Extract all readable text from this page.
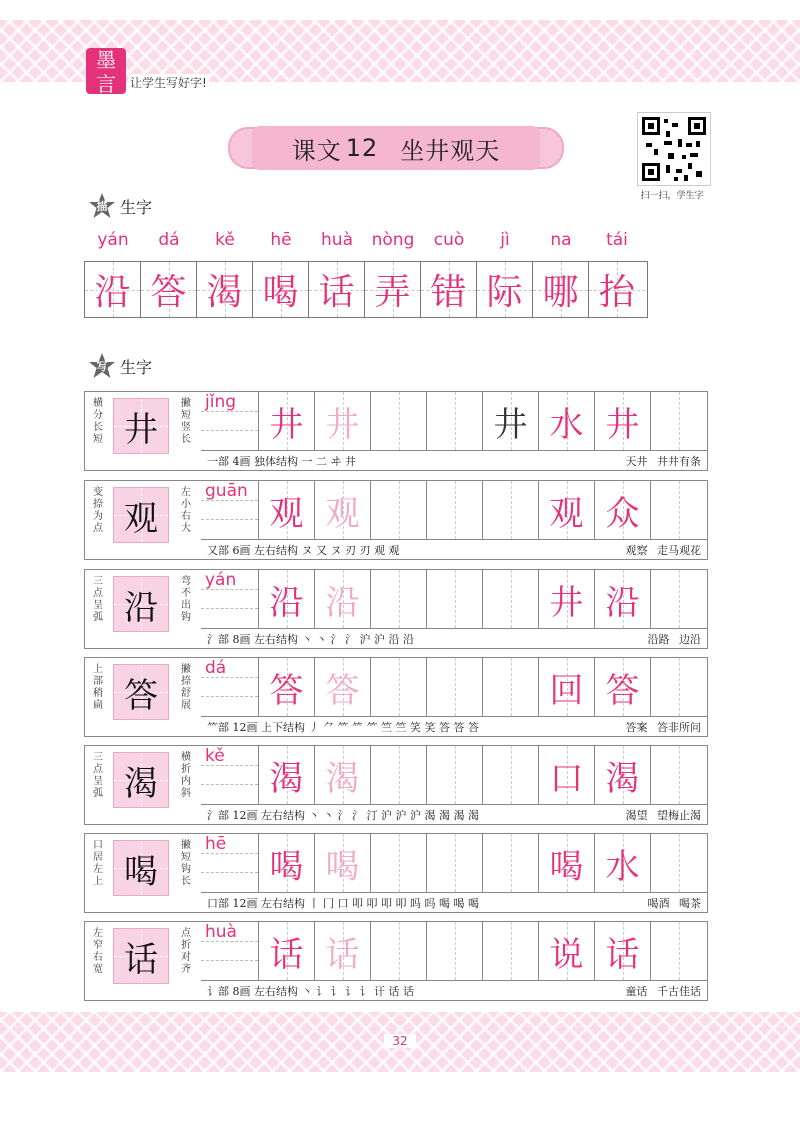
墨
言	让学生写好字!
课文 12 坐井观天
扫一扫，学生字
描 生字
yán	dá	kě	hē	huà	nòng	cuò	jì	na	tái
沿 答 渴 喝 话 弄 错 际 哪 抬
写 生字
横分长短 井
撇短竖长
jǐng
井 井	井 水 井
一部 4画 独体结构 一 二 ヰ 井	天井 井井有条
变捺为点 观
左小右大
guān
观 观	观 众
又部 6画 左右结构 ヌ 又 ヌ 刃 刃 观 观	观察 走马观花
三点呈弧 沿
弯不出钩
yán
沿 沿	井 沿
氵部 8画 左右结构 丶 丶 氵 氵 沪 沪 沿 沿	沿路 边沿
上部稍扁 答
撇捺舒展
dá
答 答	回 答
⺮部 12画 上下结构 丿 ⺈ ⺮ ⺮ ⺮ 竺 竺 笑 笑 答 答 答	答案 答非所问
三点呈弧 渴
横折内斜
kě
渴 渴	口 渴
氵部 12画 左右结构 丶 丶 氵 氵 汀 沪 沪 沪 渴 渴 渴 渴	渴望 望梅止渴
口居左上 喝
撇短钩长
hē
喝 喝	喝 水
口部 12画 左右结构 丨 冂 口 叩 叩 叩 叩 吗 吗 喝 喝 喝	喝酒 喝茶
左窄右宽 话
点折对齐
huà
话 话	说 话
讠部 8画 左右结构 丶 讠 讠 讠 讠 讦 话 话	童话 千古佳话
32
